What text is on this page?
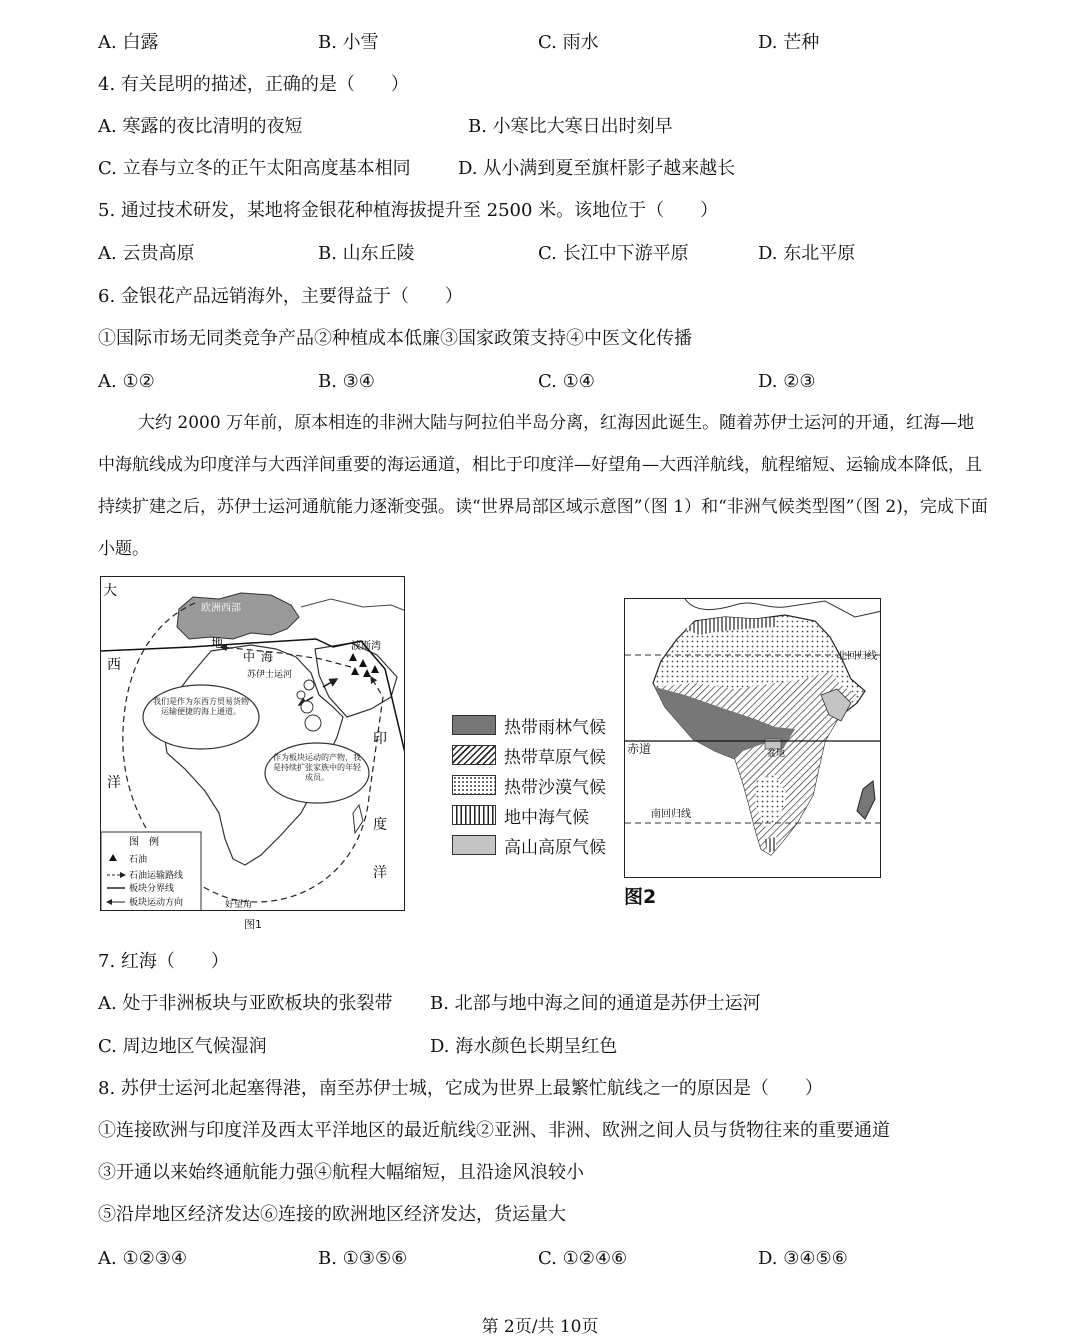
A. 白露	B. 小雪	C. 雨水	D. 芒种
4. 有关昆明的描述，正确的是（　　）
A. 寒露的夜比清明的夜短	B. 小寒比大寒日出时刻早
C. 立春与立冬的正午太阳高度基本相同	D. 从小满到夏至旗杆影子越来越长
5. 通过技术研发，某地将金银花种植海拔提升至 2500 米。该地位于（　　）
A. 云贵高原	B. 山东丘陵	C. 长江中下游平原	D. 东北平原
6. 金银花产品远销海外，主要得益于（　　）
①国际市场无同类竞争产品②种植成本低廉③国家政策支持④中医文化传播
A. ①②	B. ③④	C. ①④	D. ②③

大约 2000 万年前，原本相连的非洲大陆与阿拉伯半岛分离，红海因此诞生。随着苏伊士运河的开通，红海—地中海航线成为印度洋与大西洋间重要的海运通道，相比于印度洋—好望角—大西洋航线，航程缩短、运输成本降低，且持续扩建之后，苏伊士运河通航能力逐渐变强。读“世界局部区域示意图”（图 1）和“非洲气候类型图”（图 2)，完成下面小题。

大
西
洋
印
度
洋
欧洲西部
地
中 海
苏伊士运河
波斯湾
好望角
图　例
石油
石油运输路线
板块分界线
板块运动方向
我们是作为东西方贸易货物运输便捷的海上通道。
作为板块运动的产物，我是持续扩张家族中的年轻成员。
图1
热带雨林气候
热带草原气候
热带沙漠气候
地中海气候
高山高原气候
北回归线
南回归线
盆地
赤道
图2
7. 红海（　　）
A. 处于非洲板块与亚欧板块的张裂带 B. 北部与地中海之间的通道是苏伊士运河
C. 周边地区气候湿润	D. 海水颜色长期呈红色
8. 苏伊士运河北起塞得港，南至苏伊士城，它成为世界上最繁忙航线之一的原因是（　　）
①连接欧洲与印度洋及西太平洋地区的最近航线②亚洲、非洲、欧洲之间人员与货物往来的重要通道
③开通以来始终通航能力强④航程大幅缩短，且沿途风浪较小
⑤沿岸地区经济发达⑥连接的欧洲地区经济发达，货运量大
A. ①②③④	B. ①③⑤⑥	C. ①②④⑥	D. ③④⑤⑥
第 2页/共 10页
